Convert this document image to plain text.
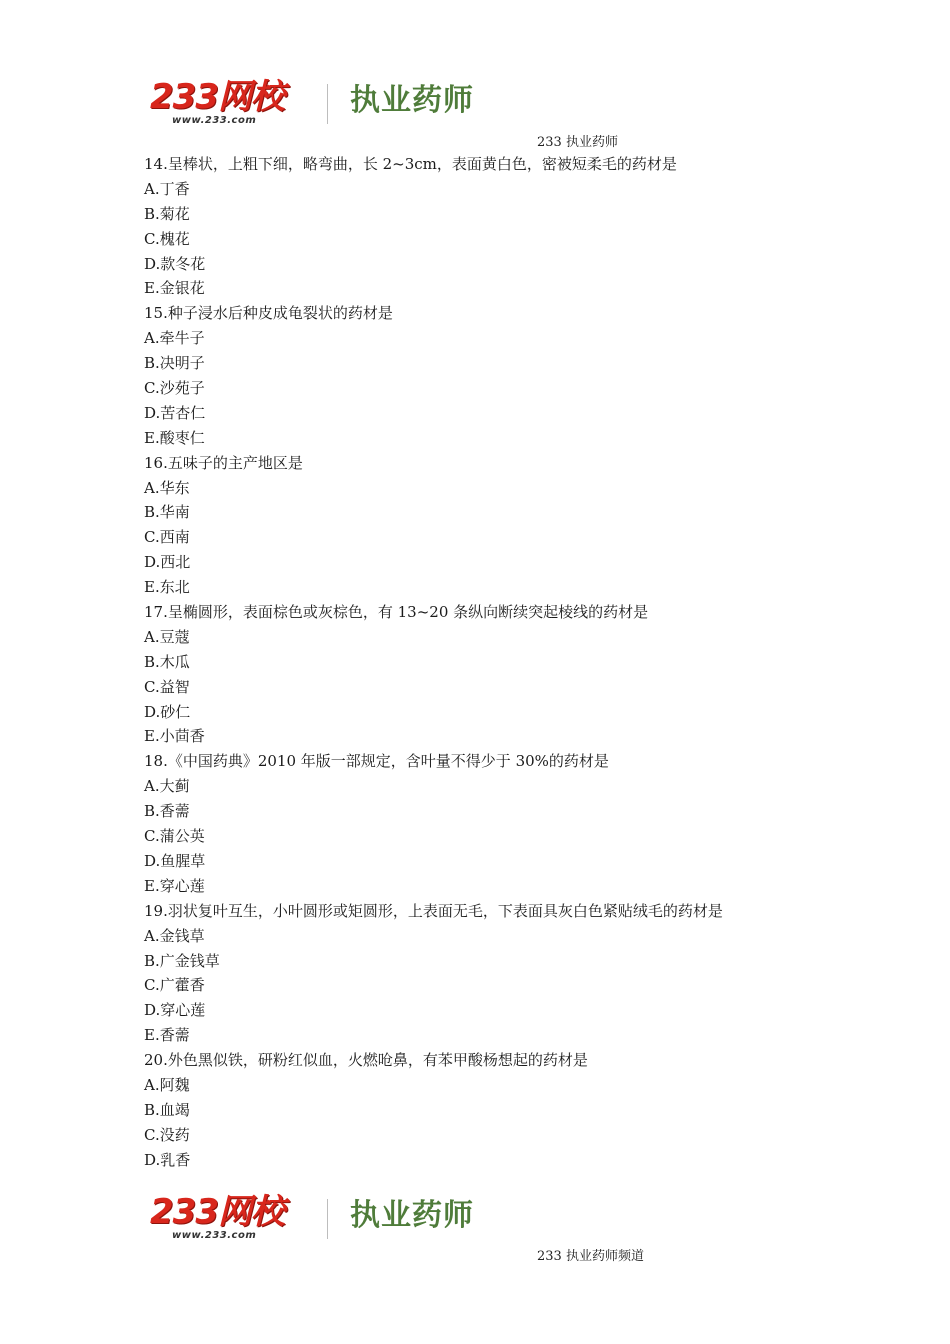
233网校
www.233.com
执业药师
233 执业药师
14.呈棒状，上粗下细，略弯曲，长 2~3cm，表面黄白色，密被短柔毛的药材是
A.丁香
B.菊花
C.槐花
D.款冬花
E.金银花
15.种子浸水后种皮成龟裂状的药材是
A.牵牛子
B.决明子
C.沙苑子
D.苦杏仁
E.酸枣仁
16.五味子的主产地区是
A.华东
B.华南
C.西南
D.西北
E.东北
17.呈椭圆形，表面棕色或灰棕色，有 13~20 条纵向断续突起棱线的药材是
A.豆蔻
B.木瓜
C.益智
D.砂仁
E.小茴香
18.《中国药典》2010 年版一部规定，含叶量不得少于 30%的药材是
A.大蓟
B.香薷
C.蒲公英
D.鱼腥草
E.穿心莲
19.羽状复叶互生，小叶圆形或矩圆形，上表面无毛，下表面具灰白色紧贴绒毛的药材是
A.金钱草
B.广金钱草
C.广藿香
D.穿心莲
E.香薷
20.外色黑似铁，研粉红似血，火燃呛鼻，有苯甲酸杨想起的药材是
A.阿魏
B.血竭
C.没药
D.乳香
233网校
www.233.com
执业药师
233 执业药师频道
